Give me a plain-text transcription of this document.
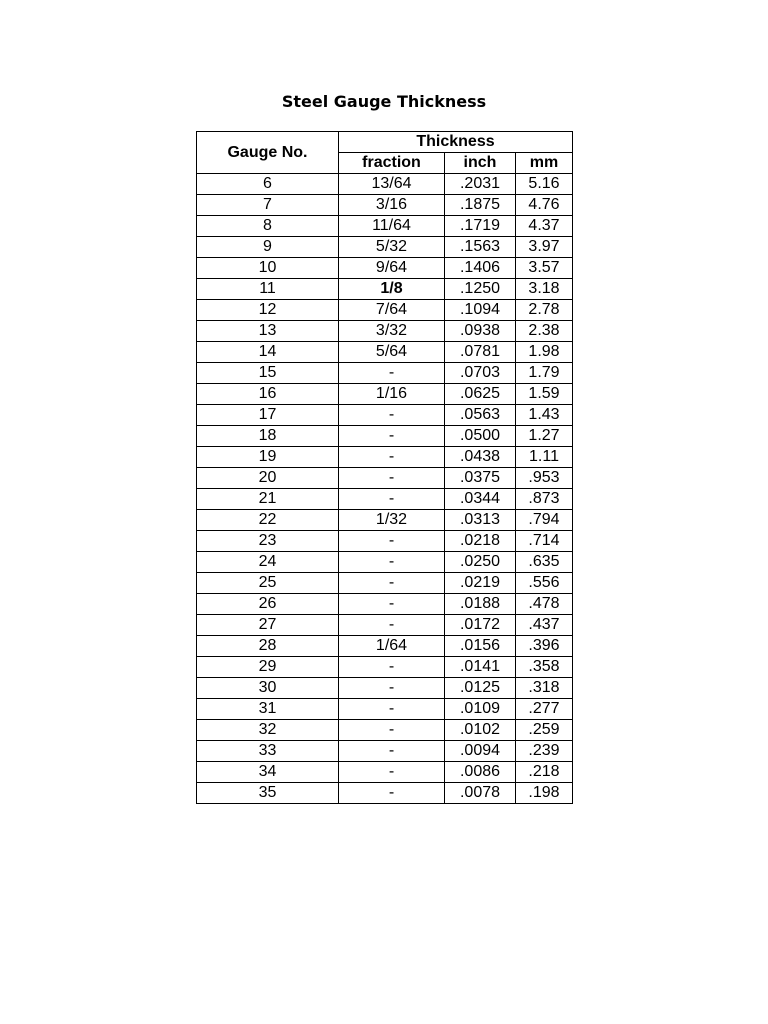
Steel Gauge Thickness
Gauge No.	Thickness		
	fraction	inch	mm
6	13/64	.2031	5.16
7	3/16	.1875	4.76
8	11/64	.1719	4.37
9	5/32	.1563	3.97
10	9/64	.1406	3.57
11	1/8	.1250	3.18
12	7/64	.1094	2.78
13	3/32	.0938	2.38
14	5/64	.0781	1.98
15	-	.0703	1.79
16	1/16	.0625	1.59
17	-	.0563	1.43
18	-	.0500	1.27
19	-	.0438	1.11
20	-	.0375	.953
21	-	.0344	.873
22	1/32	.0313	.794
23	-	.0218	.714
24	-	.0250	.635
25	-	.0219	.556
26	-	.0188	.478
27	-	.0172	.437
28	1/64	.0156	.396
29	-	.0141	.358
30	-	.0125	.318
31	-	.0109	.277
32	-	.0102	.259
33	-	.0094	.239
34	-	.0086	.218
35	-	.0078	.198
